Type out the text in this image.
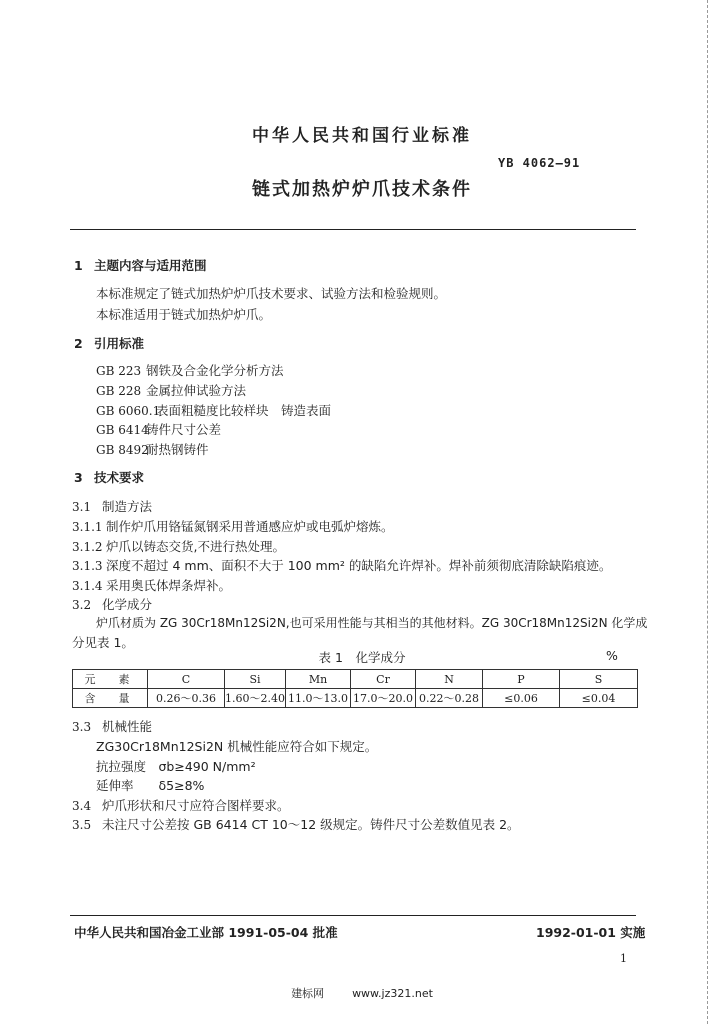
中华人民共和国行业标准
YB 4062—91
链式加热炉炉爪技术条件
1 主题内容与适用范围
本标准规定了链式加热炉炉爪技术要求、试验方法和检验规则。
本标准适用于链式加热炉炉爪。
2 引用标准
GB 223 钢铁及合金化学分析方法
GB 228 金属拉伸试验方法
GB 6060.1表面粗糙度比较样块　铸造表面
GB 6414铸件尺寸公差
GB 8492耐热钢铸件
3 技术要求
3.1 制造方法
3.1.1 制作炉爪用铬锰氮钢采用普通感应炉或电弧炉熔炼。
3.1.2 炉爪以铸态交货,不进行热处理。
3.1.3 深度不超过 4 mm、面积不大于 100 mm² 的缺陷允许焊补。焊补前须彻底清除缺陷痕迹。
3.1.4 采用奥氏体焊条焊补。
3.2 化学成分
炉爪材质为 ZG 30Cr18Mn12Si2N,也可采用性能与其相当的其他材料。ZG 30Cr18Mn12Si2N 化学成
分见表 1。
表 1　化学成分	%
元　素	C	Si	Mn	Cr	N	P	S
含　量	0.26～0.36	1.60～2.40	11.0～13.0	17.0～20.0	0.22～0.28	≤0.06	≤0.04
3.3 机械性能
ZG30Cr18Mn12Si2N 机械性能应符合如下规定。
抗拉强度　σb≥490 N/mm²
延伸率　　δ5≥8%
3.4 炉爪形状和尺寸应符合图样要求。
3.5 未注尺寸公差按 GB 6414 CT 10～12 级规定。铸件尺寸公差数值见表 2。
中华人民共和国冶金工业部 1991-05-04 批准	1992-01-01 实施
1
建标网	www.jz321.net
